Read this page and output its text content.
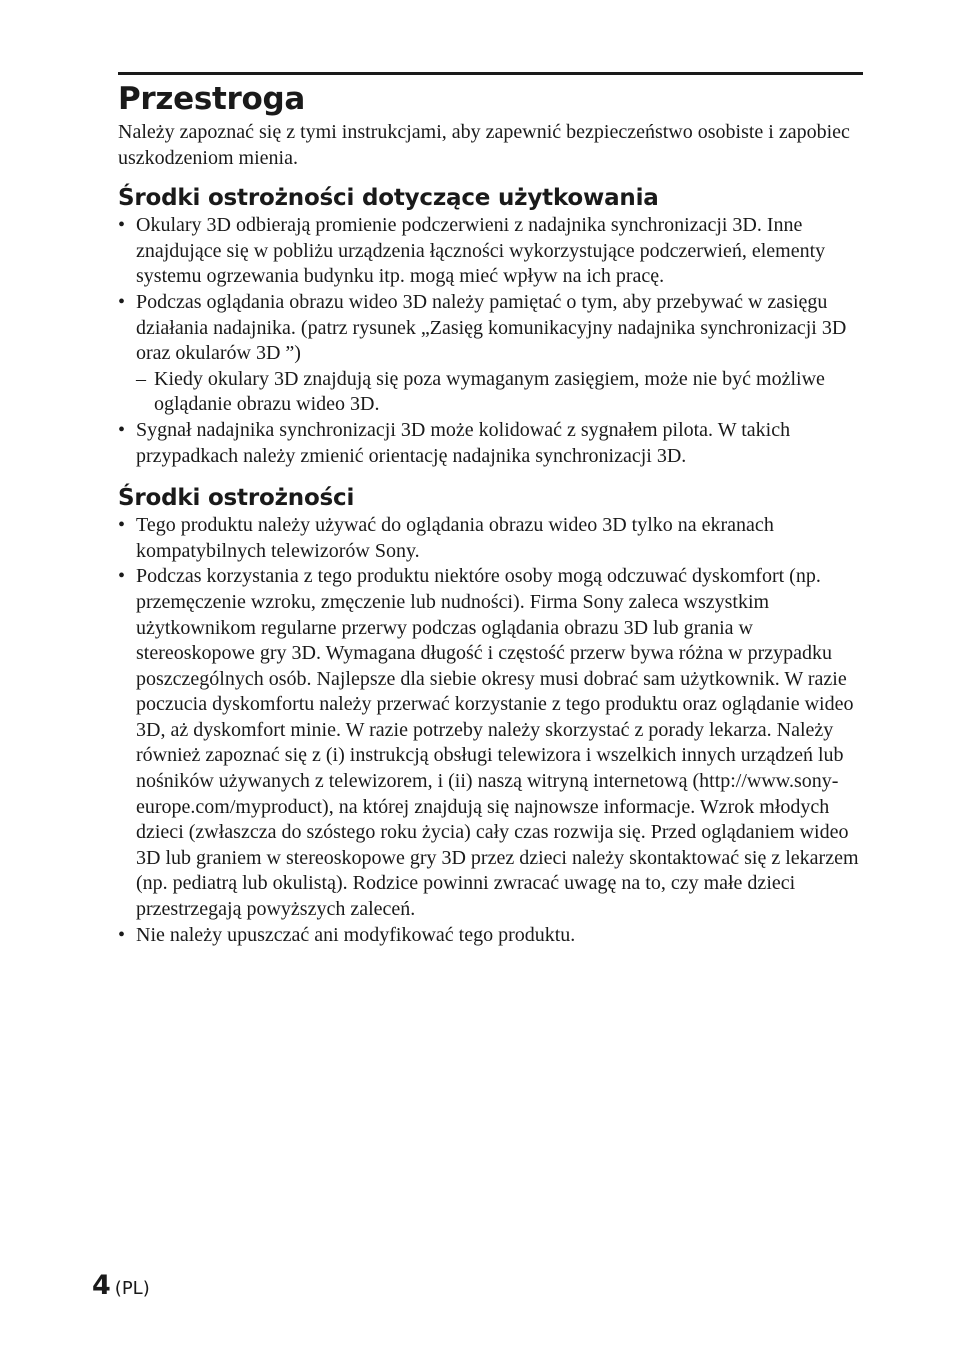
Przestroga

Należy zapoznać się z tymi instrukcjami, aby zapewnić bezpieczeństwo osobiste i zapobiec uszkodzeniom mienia.

Środki ostrożności dotyczące użytkowania
• Okulary 3D odbierają promienie podczerwieni z nadajnika synchronizacji 3D. Inne znajdujące się w pobliżu urządzenia łączności wykorzystujące podczerwień, elementy systemu ogrzewania budynku itp. mogą mieć wpływ na ich pracę.
• Podczas oglądania obrazu wideo 3D należy pamiętać o tym, aby przebywać w zasięgu działania nadajnika. (patrz rysunek „Zasięg komunikacyjny nadajnika synchronizacji 3D oraz okularów 3D ”)
– Kiedy okulary 3D znajdują się poza wymaganym zasięgiem, może nie być możliwe oglądanie obrazu wideo 3D.
• Sygnał nadajnika synchronizacji 3D może kolidować z sygnałem pilota. W takich przypadkach należy zmienić orientację nadajnika synchronizacji 3D.
Środki ostrożności
• Tego produktu należy używać do oglądania obrazu wideo 3D tylko na ekranach kompatybilnych telewizorów Sony.
• Podczas korzystania z tego produktu niektóre osoby mogą odczuwać dyskomfort (np. przemęczenie wzroku, zmęczenie lub nudności). Firma Sony zaleca wszystkim użytkownikom regularne przerwy podczas oglądania obrazu 3D lub grania w stereoskopowe gry 3D. Wymagana długość i częstość przerw bywa różna w przypadku poszczególnych osób. Najlepsze dla siebie okresy musi dobrać sam użytkownik. W razie poczucia dyskomfortu należy przerwać korzystanie z tego produktu oraz oglądanie wideo 3D, aż dyskomfort minie. W razie potrzeby należy skorzystać z porady lekarza. Należy również zapoznać się z (i) instrukcją obsługi telewizora i wszelkich innych urządzeń lub nośników używanych z telewizorem, i (ii) naszą witryną internetową (http://www.sony-europe.com/myproduct), na której znajdują się najnowsze informacje. Wzrok młodych dzieci (zwłaszcza do szóstego roku życia) cały czas rozwija się. Przed oglądaniem wideo 3D lub graniem w stereoskopowe gry 3D przez dzieci należy skontaktować się z lekarzem (np. pediatrą lub okulistą). Rodzice powinni zwracać uwagę na to, czy małe dzieci przestrzegają powyższych zaleceń.
• Nie należy upuszczać ani modyfikować tego produktu.
4 (PL)
